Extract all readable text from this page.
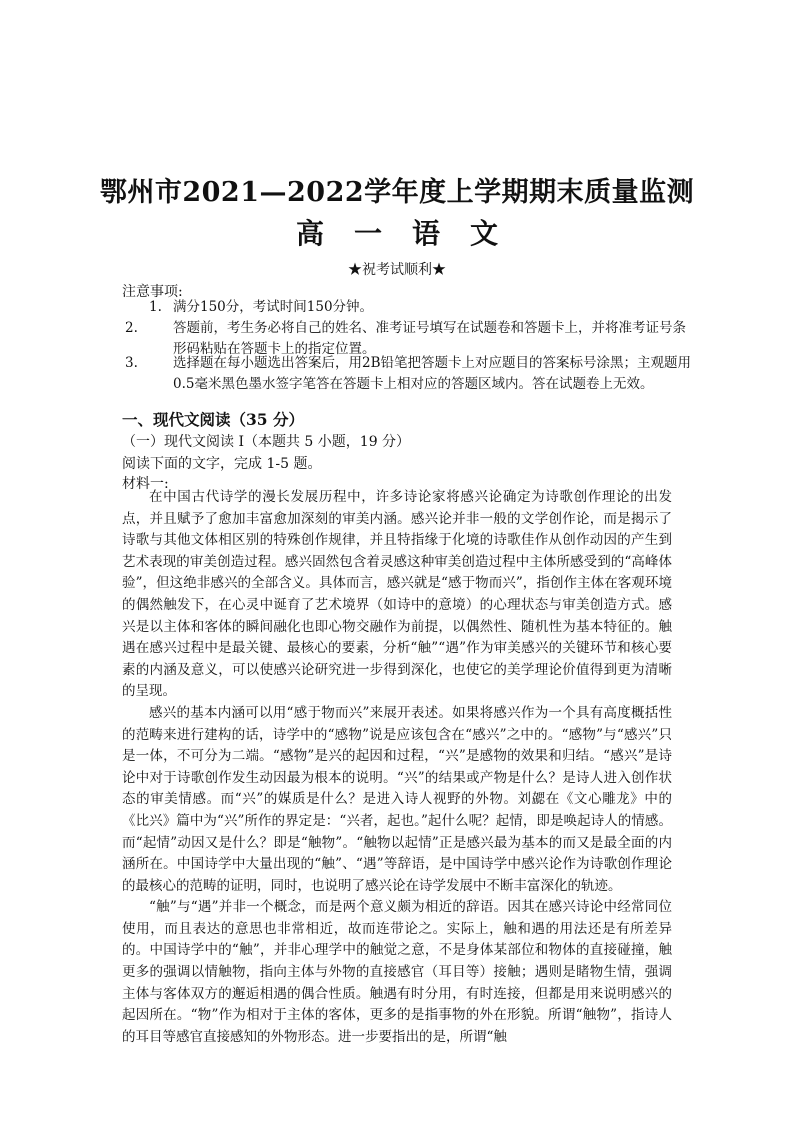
鄂州市2021—2022学年度上学期期末质量监测
高一语文
★祝考试顺利★
注意事项:
1. 满分150分，考试时间150分钟。
2.	答题前，考生务必将自己的姓名、准考证号填写在试题卷和答题卡上，并将准考证号条形码粘贴在答题卡上的指定位置。
3.	选择题在每小题选出答案后，用2B铅笔把答题卡上对应题目的答案标号涂黑；主观题用0.5毫米黑色墨水签字笔答在答题卡上相对应的答题区域内。答在试题卷上无效。
一、现代文阅读（35 分）
（一）现代文阅读 I（本题共 5 小题，19 分）
阅读下面的文字，完成 1-5 题。
材料一:

在中国古代诗学的漫长发展历程中，许多诗论家将感兴论确定为诗歌创作理论的出发点，并且赋予了愈加丰富愈加深刻的审美内涵。感兴论并非一般的文学创作论，而是揭示了诗歌与其他文体相区别的特殊创作规律，并且特指缘于化境的诗歌佳作从创作动因的产生到艺术表现的审美创造过程。感兴固然包含着灵感这种审美创造过程中主体所感受到的“高峰体验”，但这绝非感兴的全部含义。具体而言，感兴就是“感于物而兴”，指创作主体在客观环境的偶然触发下，在心灵中诞育了艺术境界（如诗中的意境）的心理状态与审美创造方式。感兴是以主体和客体的瞬间融化也即心物交融作为前提，以偶然性、随机性为基本特征的。触遇在感兴过程中是最关键、最核心的要素，分析“触”“遇”作为审美感兴的关键环节和核心要素的内涵及意义，可以使感兴论研究进一步得到深化，也使它的美学理论价值得到更为清晰的呈现。

感兴的基本内涵可以用“感于物而兴”来展开表述。如果将感兴作为一个具有高度概括性的范畴来进行建构的话，诗学中的“感物”说是应该包含在“感兴”之中的。“感物”与“感兴”只是一体，不可分为二端。“感物”是兴的起因和过程，“兴”是感物的效果和归结。“感兴”是诗论中对于诗歌创作发生动因最为根本的说明。“兴”的结果或产物是什么？是诗人进入创作状态的审美情感。而“兴”的媒质是什么？是进入诗人视野的外物。刘勰在《文心雕龙》中的《比兴》篇中为“兴”所作的界定是：“兴者，起也。”起什么呢？起情，即是唤起诗人的情感。而“起情”动因又是什么？即是“触物”。“触物以起情”正是感兴最为基本的而又是最全面的内涵所在。中国诗学中大量出现的“触”、“遇”等辞语，是中国诗学中感兴论作为诗歌创作理论的最核心的范畴的证明，同时，也说明了感兴论在诗学发展中不断丰富深化的轨迹。

“触”与“遇”并非一个概念，而是两个意义颇为相近的辞语。因其在感兴诗论中经常同位使用，而且表达的意思也非常相近，故而连带论之。实际上，触和遇的用法还是有所差异的。中国诗学中的“触”，并非心理学中的触觉之意，不是身体某部位和物体的直接碰撞，触更多的强调以情触物，指向主体与外物的直接感官（耳目等）接触；遇则是睹物生情，强调主体与客体双方的邂逅相遇的偶合性质。触遇有时分用，有时连接，但都是用来说明感兴的起因所在。“物”作为相对于主体的客体，更多的是指事物的外在形貌。所谓“触物”，指诗人的耳目等感官直接感知的外物形态。进一步要指出的是，所谓“触
